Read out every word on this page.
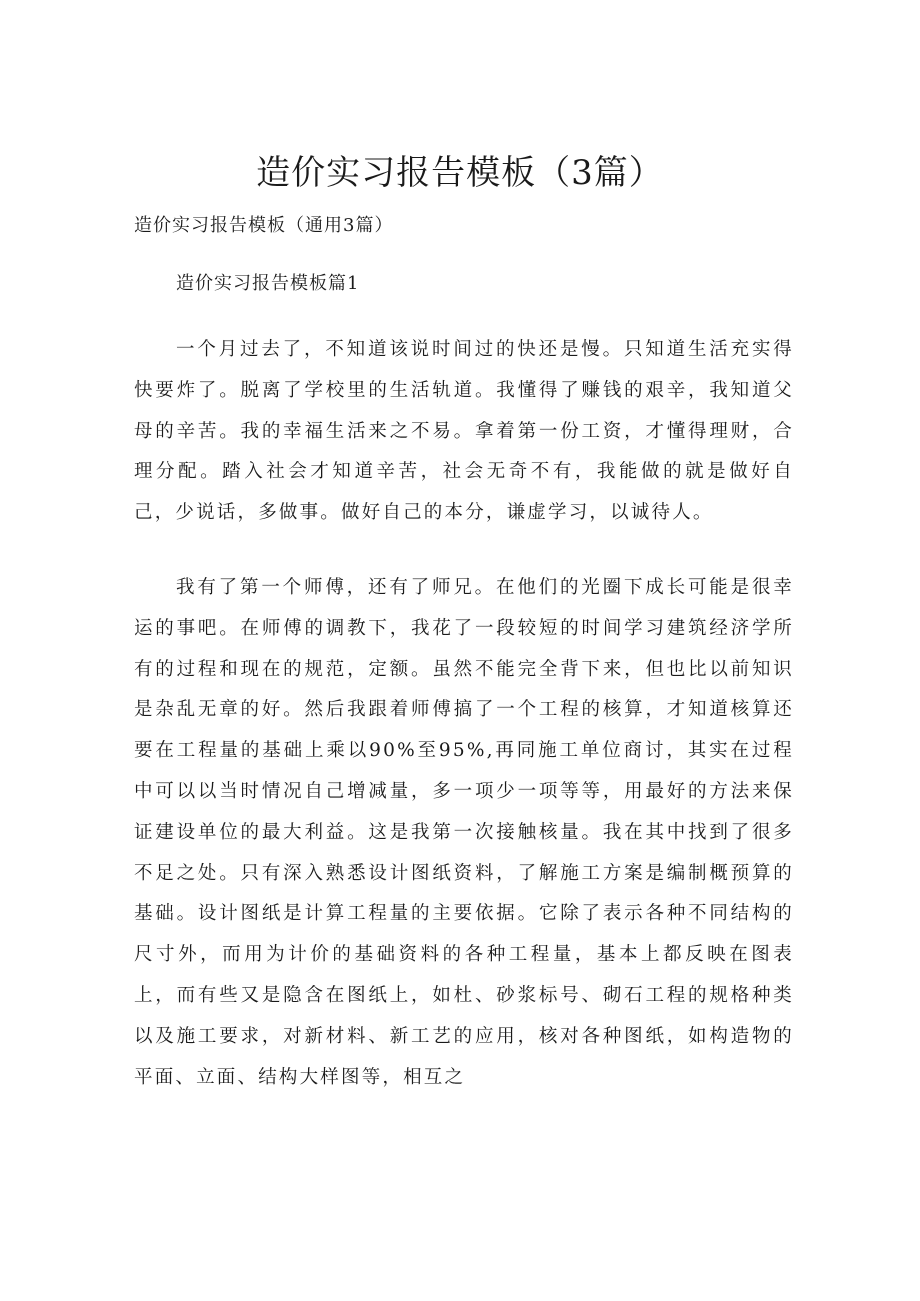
造价实习报告模板（3篇）

造价实习报告模板（通用3篇）

造价实习报告模板篇1

一个月过去了，不知道该说时间过的快还是慢。只知道生活充实得快要炸了。脱离了学校里的生活轨道。我懂得了赚钱的艰辛，我知道父母的辛苦。我的幸福生活来之不易。拿着第一份工资，才懂得理财，合理分配。踏入社会才知道辛苦，社会无奇不有，我能做的就是做好自己，少说话，多做事。做好自己的本分，谦虚学习，以诚待人。

我有了第一个师傅，还有了师兄。在他们的光圈下成长可能是很幸运的事吧。在师傅的调教下，我花了一段较短的时间学习建筑经济学所有的过程和现在的规范，定额。虽然不能完全背下来，但也比以前知识是杂乱无章的好。然后我跟着师傅搞了一个工程的核算，才知道核算还要在工程量的基础上乘以90%至95%,再同施工单位商讨，其实在过程中可以以当时情况自己增减量，多一项少一项等等，用最好的方法来保证建设单位的最大利益。这是我第一次接触核量。我在其中找到了很多不足之处。只有深入熟悉设计图纸资料，了解施工方案是编制概预算的基础。设计图纸是计算工程量的主要依据。它除了表示各种不同结构的尺寸外，而用为计价的基础资料的各种工程量，基本上都反映在图表上，而有些又是隐含在图纸上，如杜、砂浆标号、砌石工程的规格种类以及施工要求，对新材料、新工艺的应用，核对各种图纸，如构造物的平面、立面、结构大样图等，相互之
